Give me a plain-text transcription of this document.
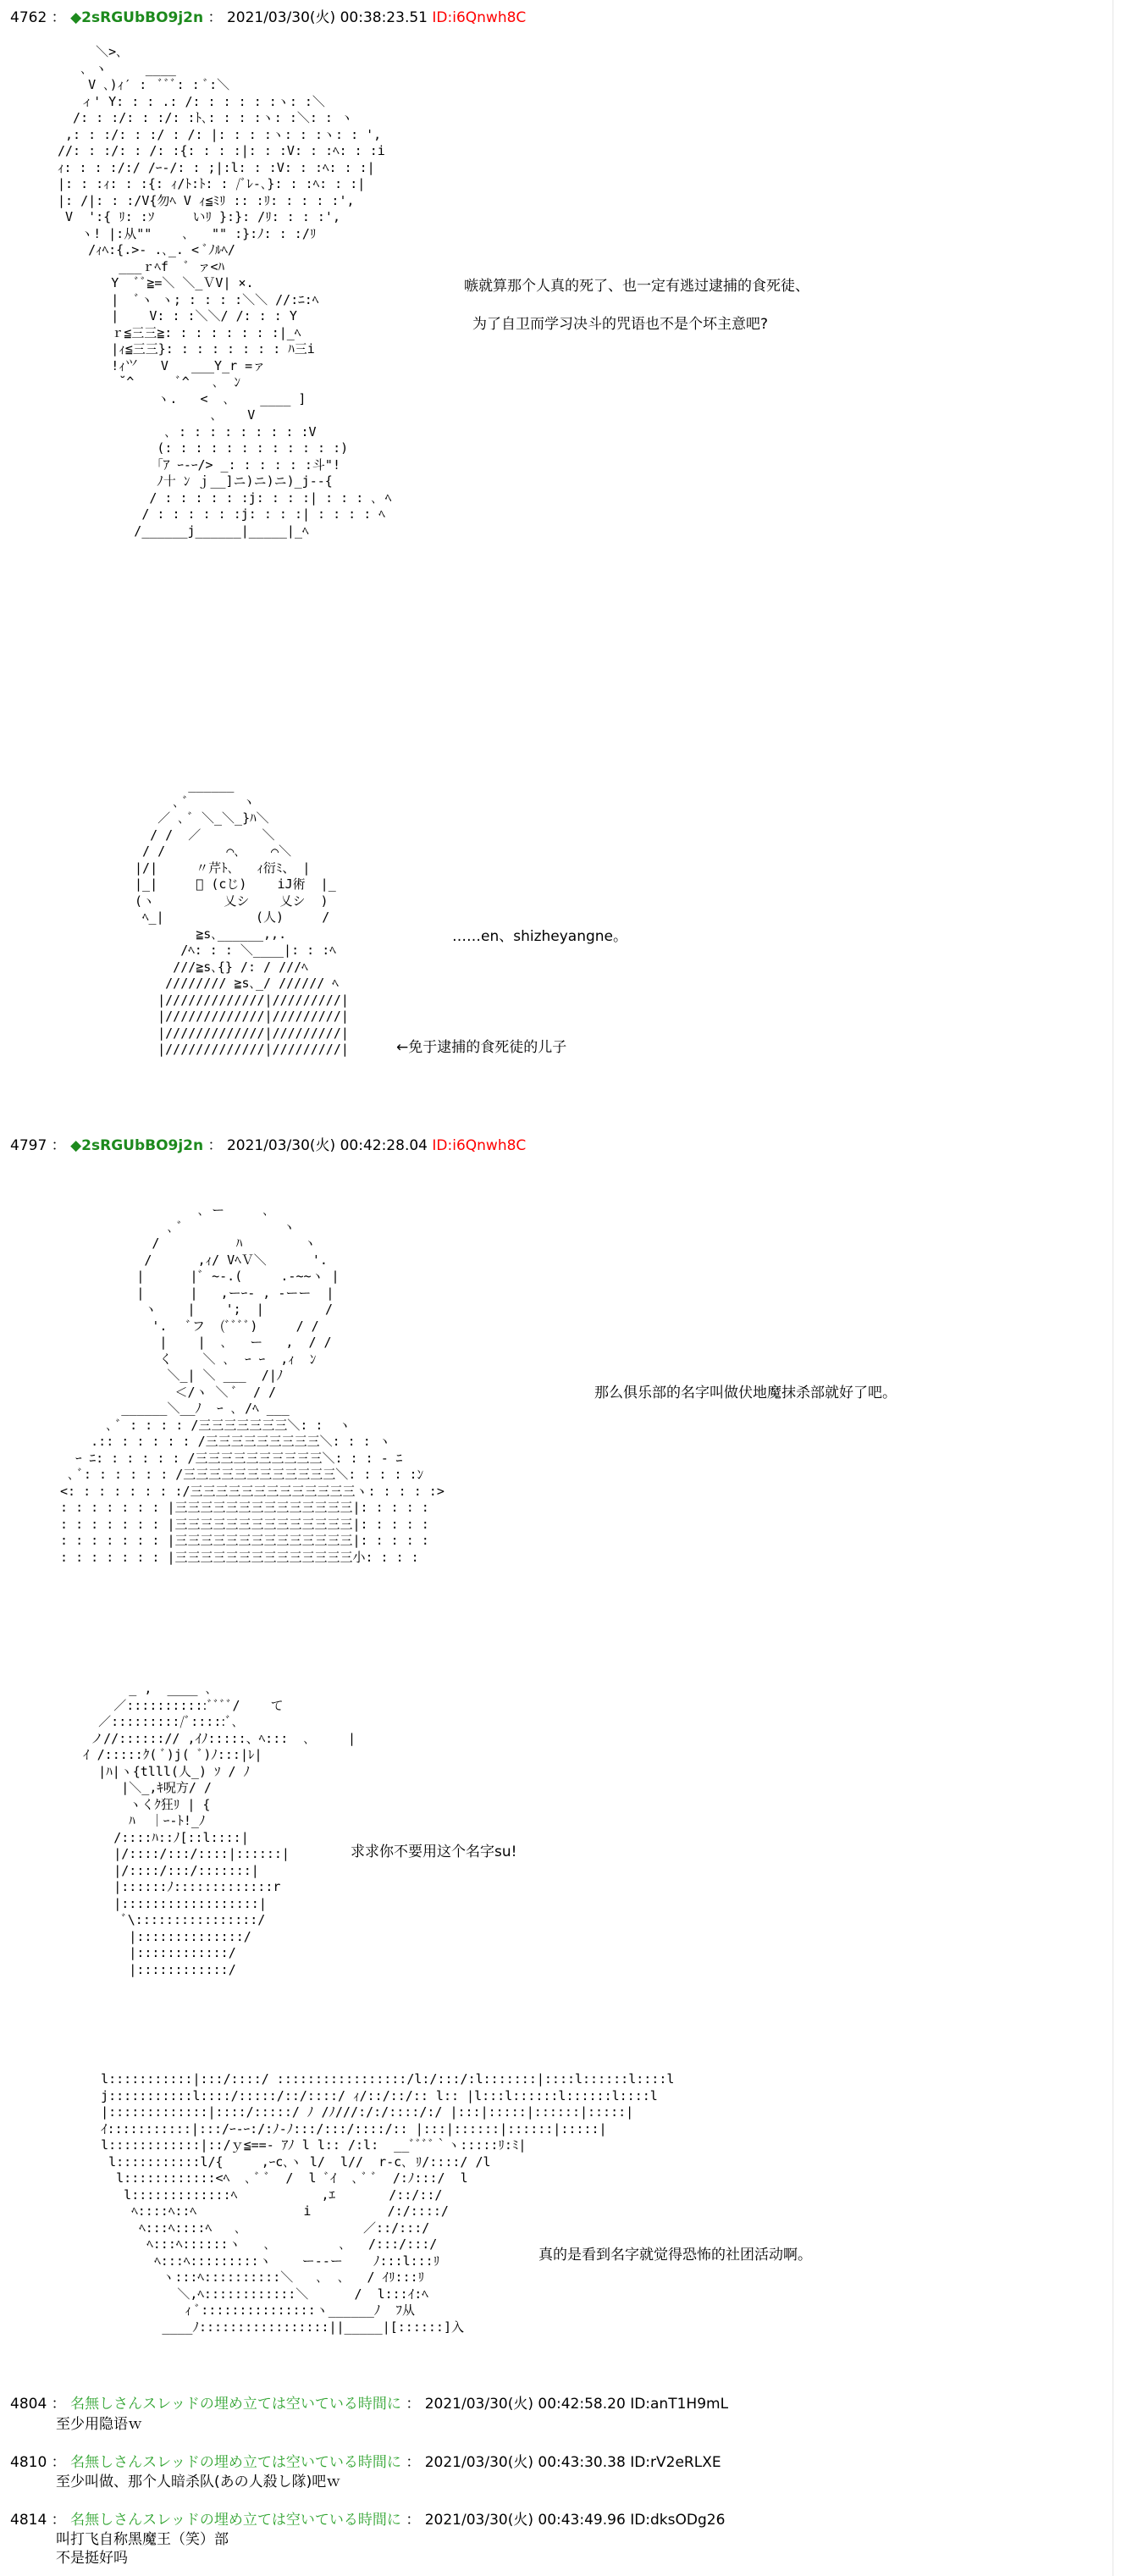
4762 ： ◆2sRGUbBO9j2n ： 2021/03/30(火) 00:38:23.51 ID:i6Qnwh8C
＼>､
､ ヽ     ____
V ､)ｨ′ :  ﾞﾞﾞ: : ﾞ:＼
ィ' Y: : : .: /: : : : : :ヽ: :＼
/: : :/: : :/: :ﾄ､: : : :ヽ: :＼: : ヽ
,: : :/: : :/ : /: |: : : :ヽ: : :ヽ: : ',
//: : :/: : /: :{: : : :|: : :V: : :ﾍ: : :i
ｨ: : : :/:/ /ｰ-/: : ;|:l: : :V: : :ﾍ: : :|
|: : :ｨ: : :{: ｨ/ﾄ:ﾄ: : /ﾞﾚ-､}: : :ﾍ: : :|
|: /|: : :/V{勿ﾍ V ｨ≦ﾐﾘ :: :ﾘ: : : : :',
V  ':{ ﾘ: :ｿ     いﾘ }:}: /ﾘ: : : :',
ヽ! |:从""    ､   "" :}:ﾉ: : :/ﾘ
/ｨﾍ:{.>- .､_. < ﾞﾉﾙﾍ/
___ｒﾍf  ﾞ ァ<ﾊ
Y  ﾞﾞ≧=＼ ＼_ＶV| ×.
|  ﾞヽ ヽ; : : : :＼＼ //:ﾆ:ﾍ
|    V: : :＼＼/ /: : : Y
ｒ≦三三≧: : : : : : : :|_ﾍ
|ｨ≦三三}: : : : : : : : ﾊ三i
!ｨ⺍   V   ___Y_r =ァ
˘^      ﾞ^   ､  ﾝ
ヽ.   <  ､    ____ ]
､    V
､ : : : : : : : : :V
(: : : : : : : : : : : :)
｢ｱ ｰ-ｰ/> _: : : : : :斗"!
ﾉ十 ﾝ ｊ__]ニ)ニ)ニ)_j-‐{
/ : : : : : :j: : : :| : : : ､ ﾍ
/ : : : : : :j: : : :| : : : : ﾍ
/______j______|_____|_ﾍ
嗾就算那个人真的死了、也一定有逃过逮捕的食死徒、
为了自卫而学习决斗的咒语也不是个坏主意吧?
______
､ ﾞ       ヽ
／ ､ ﾞ ＼_＼_}ﾊ＼
/ /  ／        ＼
/ /        ⌒､    ⌒＼
|/|     〃芹ﾄ､   ｨ衍ﾐ、 |
|_|     ﾞ (cじ)    iJ術  |_
(ヽ         乂シ    乂シ  )
ﾍ_|            (人)     /
≧s､______,,.
/ﾍ: : : ＼____|: : :ﾍ
///≧s､{} /: / ///ﾍ
//////// ≧s､_/ ////// ﾍ
|/////////////|/////////|
|/////////////|/////////|
|/////////////|/////////|
|/////////////|/////////|
……en、shizheyangne。
←免于逮捕的食死徒的儿子
4797 ： ◆2sRGUbBO9j2n ： 2021/03/30(火) 00:42:28.04 ID:i6Qnwh8C
､ ー     ､
､ ﾞ             ヽ
/          ﾊ        ヽ
/      ,ｨ/ VﾍＶ＼      '.
|      |ﾞ ~-.(     .-~~ヽ |
|      |   ,ーｰ‐ , ‐ーー  |
ヽ    |    ';  |        /
'.   ﾞフ  (ﾞﾞﾞﾞ)     / /
|    |  ､   ー   ,  / /
く    ＼ ､  ｰ ｰ  ,ｨ  ﾝ
＼_| ＼ ___  /|ﾉ
＜/ヽ ＼ ﾞ  / /
______＼__ﾉ  ｰ ､ /ﾍ ___
､ ﾞ : : : : /三三三三三三三＼: :  ヽ
.:: : : : : : /三三三三三三三三三＼: : : ヽ
ｰ ﾆ: : : : : : /三三三三三三三三三三＼: : : ‐ ﾆ
､ ﾞ: : : : : : /三三三三三三三三三三三三＼: : : : :ﾝ
<: : : : : : : :/三三三三三三三三三三三三三ヽ: : : : :>
: : : : : : : |三三三三三三三三三三三三三三|: : : : :
: : : : : : : |三三三三三三三三三三三三三三|: : : : :
: : : : : : : |三三三三三三三三三三三三三三|: : : : :
: : : : : : : |三三三三三三三三三三三三三三小: : : :
那么俱乐部的名字叫做伏地魔抹杀部就好了吧。
_ ,  ____ ､
／:::::::::::ﾞﾞﾞﾞ/    て
／:::::::::/ﾞ:::::ﾞ､
ノ//::::::// ,ｲﾉ:::::、ﾍ:::  ､     |
ｲ /:::::ｸ( ﾞ)j( ﾞ)ﾉ:::|ﾚ|
|ﾊ|ヽ{tlll(人_) ｿ / ﾉ
|＼_,ｷ呪方/ /
ヽくｸ狂ﾘ | {
ﾊ  ｜ｰ-ﾄ!_ﾉ
/::::ﾊ::ﾉ[::l::::|
|/::::/:::/::::|::::::|
|/::::/:::/:::::::|
|::::::ﾉ:::::::::::::r
|::::::::::::::::::|
ﾞ\::::::::::::::::/
|::::::::::::::/
|::::::::::::/
|::::::::::::/
求求你不要用这个名字su!
l:::::::::::|:::/::::/ :::::::::::::::::/l:/:::/:l:::::::|::::l::::::l::::l
j:::::::::::l::::/:::::/::/::::/ ｨ/::/::/:: l:: |l:::l::::::l::::::l::::l
|:::::::::::::|::::/:::::/ ﾉ /ﾉ///:/:/::::/:/ |:::|:::::|::::::|:::::|
ｲ:::::::::::|:::/ｰ-ｰ:/:ﾉ-ﾉ:::/:::/::::/:: |:::|::::::|::::::|:::::|
l::::::::::::|::/ｙ≦==‐ ｱﾉ l l:: /:l:  __ﾞﾞﾞﾞ｀ヽ:::::ﾘ:ﾐ|
l:::::::::::l/{     ,ｰc､ヽ l/  l//  r-c､ ﾘ/::::/ /l
l::::::::::::<ﾍ  ､ ﾞ ﾞ  /  l ﾞｲ  ､ ﾞ ﾞ  /:ﾉ:::/  l
l:::::::::::::ﾍ           ,ｴ       /::/::/
ﾍ::::ﾍ::ﾍ              i          /:/::::/
ﾍ:::ﾍ::::ﾍ   ､                ／::/:::/
ﾍ:::ﾍ::::::ヽ   ､         ､   /:::/:::/
ﾍ:::ﾍ:::::::::ヽ    ー‐‐ー    ﾉ:::l:::ﾘ
ヽ:::ﾍ::::::::::＼   ､  ､   / ｲﾘ:::ﾘ
＼,ﾍ::::::::::::＼      /  l:::ｲ:ﾍ
ｨ ﾞ:::::::::::::::ヽ______ﾉ  ﾌ从
____ﾉ:::::::::::::::::||_____|[::::::]入
真的是看到名字就觉得恐怖的社团活动啊。
4804 ： 名無しさんスレッドの埋め立ては空いている時間に ： 2021/03/30(火) 00:42:58.20 ID:anT1H9mL
至少用隐语ｗ
4810 ： 名無しさんスレッドの埋め立ては空いている時間に ： 2021/03/30(火) 00:43:30.38 ID:rV2eRLXE
至少叫做、那个人暗杀队(あの人殺し隊)吧ｗ
4814 ： 名無しさんスレッドの埋め立ては空いている時間に ： 2021/03/30(火) 00:43:49.96 ID:dksODg26
叫打飞自称黑魔王（笑）部
不是挺好吗
